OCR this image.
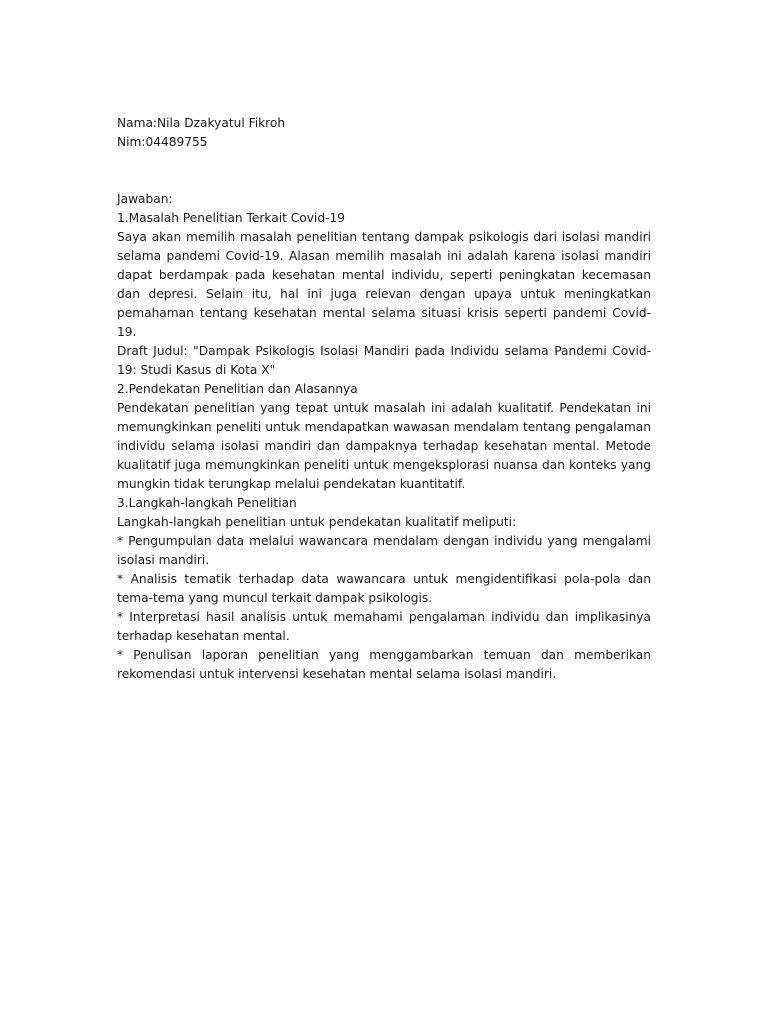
Nama:Nila Dzakyatul Fikroh

Nim:04489755

Jawaban:

1.Masalah Penelitian Terkait Covid-19

Saya akan memilih masalah penelitian tentang dampak psikologis dari isolasi mandiri selama pandemi Covid-19. Alasan memilih masalah ini adalah karena isolasi mandiri dapat berdampak pada kesehatan mental individu, seperti peningkatan kecemasan dan depresi. Selain itu, hal ini juga relevan dengan upaya untuk meningkatkan pemahaman tentang kesehatan mental selama situasi krisis seperti pandemi Covid-19.

Draft Judul: "Dampak Psikologis Isolasi Mandiri pada Individu selama Pandemi Covid-19: Studi Kasus di Kota X"

2.Pendekatan Penelitian dan Alasannya

Pendekatan penelitian yang tepat untuk masalah ini adalah kualitatif. Pendekatan ini memungkinkan peneliti untuk mendapatkan wawasan mendalam tentang pengalaman individu selama isolasi mandiri dan dampaknya terhadap kesehatan mental. Metode kualitatif juga memungkinkan peneliti untuk mengeksplorasi nuansa dan konteks yang mungkin tidak terungkap melalui pendekatan kuantitatif.

3.Langkah-langkah Penelitian

Langkah-langkah penelitian untuk pendekatan kualitatif meliputi:

* Pengumpulan data melalui wawancara mendalam dengan individu yang mengalami isolasi mandiri.

* Analisis tematik terhadap data wawancara untuk mengidentifikasi pola-pola dan tema-tema yang muncul terkait dampak psikologis.

* Interpretasi hasil analisis untuk memahami pengalaman individu dan implikasinya terhadap kesehatan mental.

* Penulisan laporan penelitian yang menggambarkan temuan dan memberikan rekomendasi untuk intervensi kesehatan mental selama isolasi mandiri.
